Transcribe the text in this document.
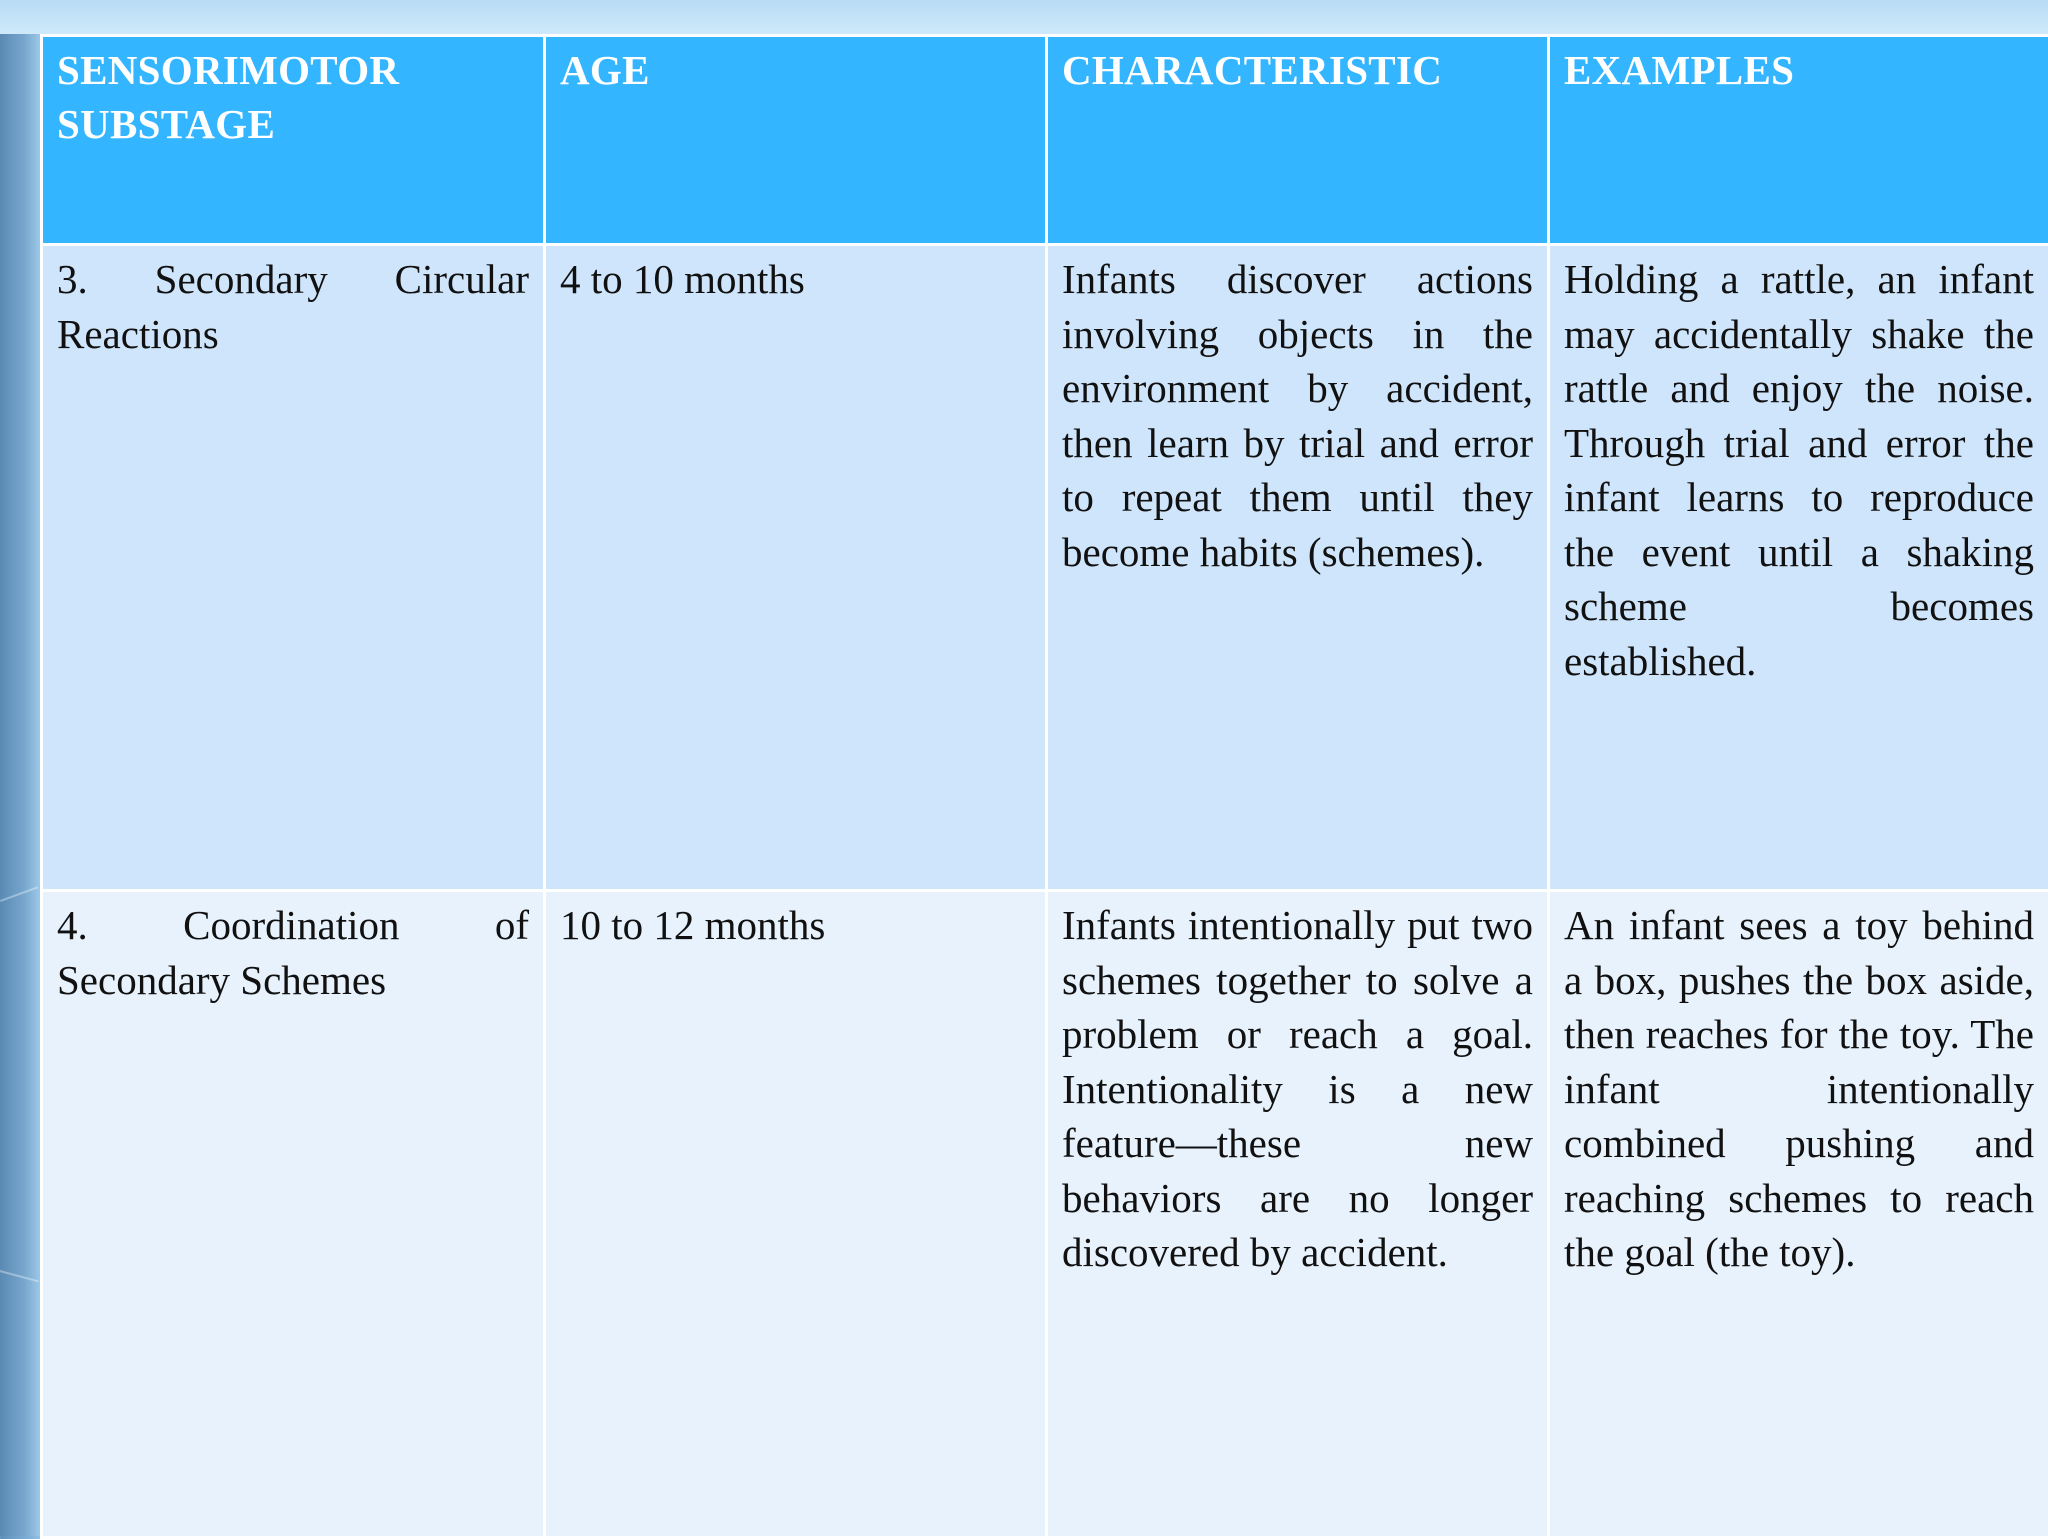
SENSORIMOTOR SUBSTAGE	AGE	CHARACTERISTIC	EXAMPLES

3. Secondary Circular Reactions	4 to 10 months	Infants discover actions involving objects in the environment by accident, then learn by trial and error to repeat them until they become habits (schemes).	Holding a rattle, an infant may accidentally shake the rattle and enjoy the noise. Through trial and error the infant learns to reproduce the event until a shaking scheme becomes established.

4. Coordination of Secondary Schemes	10 to 12 months	Infants intentionally put two schemes together to solve a problem or reach a goal. Intentionality is a new feature—these new behaviors are no longer discovered by accident.	An infant sees a toy behind a box, pushes the box aside, then reaches for the toy. The infant intentionally combined pushing and reaching schemes to reach the goal (the toy).
